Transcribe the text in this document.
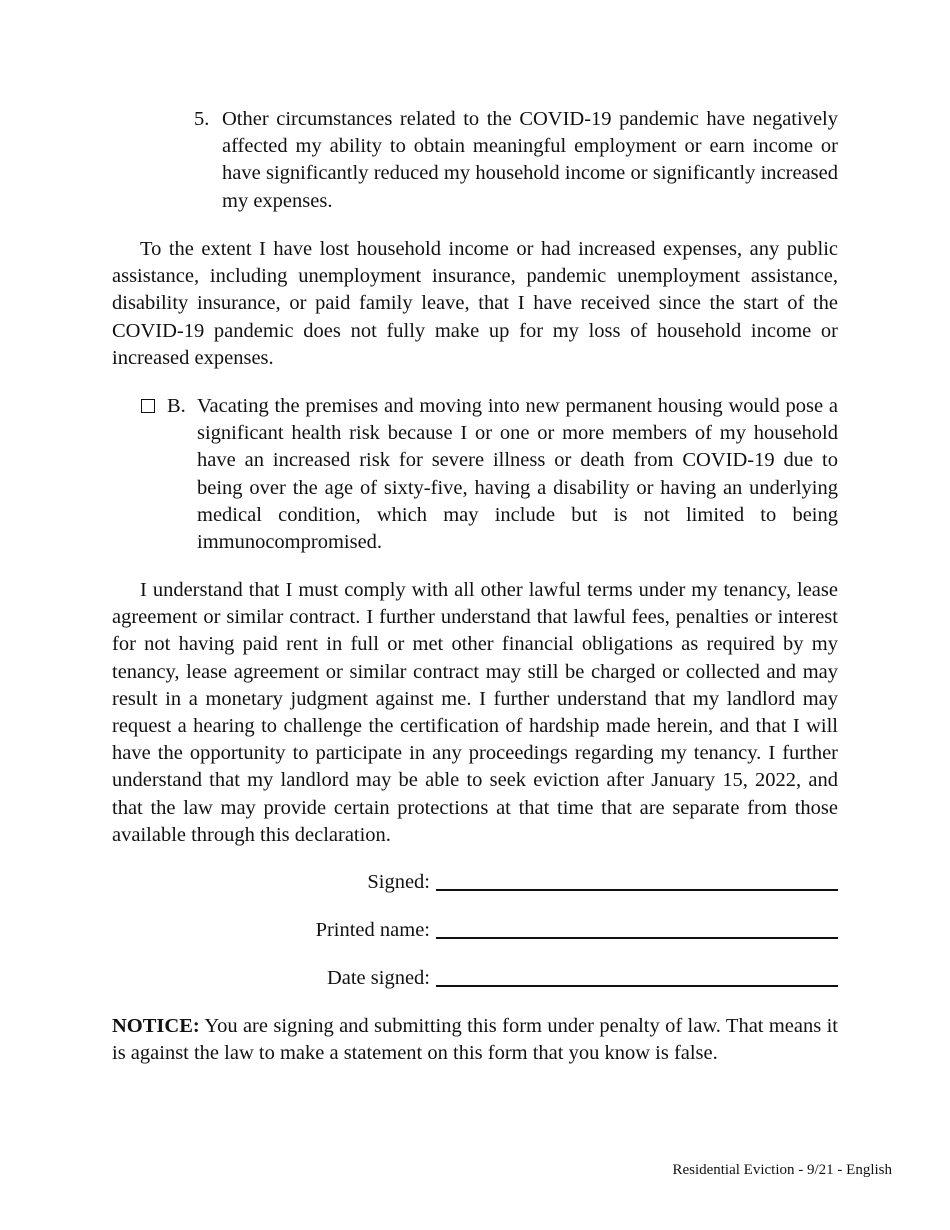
5. Other circumstances related to the COVID-19 pandemic have negatively affected my ability to obtain meaningful employment or earn income or have significantly reduced my household income or significantly increased my expenses.

To the extent I have lost household income or had increased expenses, any public assistance, including unemployment insurance, pandemic unemployment assistance, disability insurance, or paid family leave, that I have received since the start of the COVID-19 pandemic does not fully make up for my loss of household income or increased expenses.

B. Vacating the premises and moving into new permanent housing would pose a significant health risk because I or one or more members of my household have an increased risk for severe illness or death from COVID-19 due to being over the age of sixty-five, having a disability or having an underlying medical condition, which may include but is not limited to being immunocompromised.

I understand that I must comply with all other lawful terms under my tenancy, lease agreement or similar contract. I further understand that lawful fees, penalties or interest for not having paid rent in full or met other financial obligations as required by my tenancy, lease agreement or similar contract may still be charged or collected and may result in a monetary judgment against me. I further understand that my landlord may request a hearing to challenge the certification of hardship made herein, and that I will have the opportunity to participate in any proceedings regarding my tenancy. I further understand that my landlord may be able to seek eviction after January 15, 2022, and that the law may provide certain protections at that time that are separate from those available through this declaration.

Signed:
Printed name:
Date signed:

NOTICE: You are signing and submitting this form under penalty of law. That means it is against the law to make a statement on this form that you know is false.

Residential Eviction - 9/21 - English
